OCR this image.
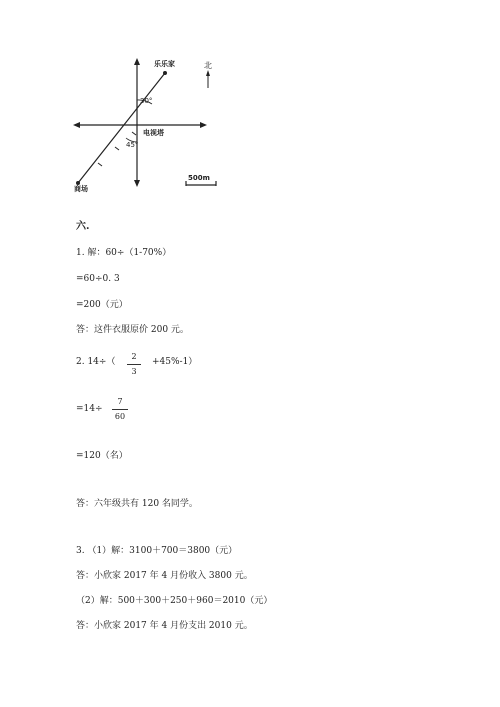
北
乐乐家
电视塔
商场
30°
45°
500m
六.
1. 解：60÷（1-70%）
=60÷0. 3
=200（元）
答：这件衣服原价 200 元。
2. 14÷（
2
3
+45%-1）
=14÷
7
60
=120（名）
答：六年级共有 120 名同学。
3. （1）解：3100＋700＝3800（元）
答：小欣家 2017 年 4 月份收入 3800 元。
（2）解：500＋300＋250＋960＝2010（元）
答：小欣家 2017 年 4 月份支出 2010 元。
